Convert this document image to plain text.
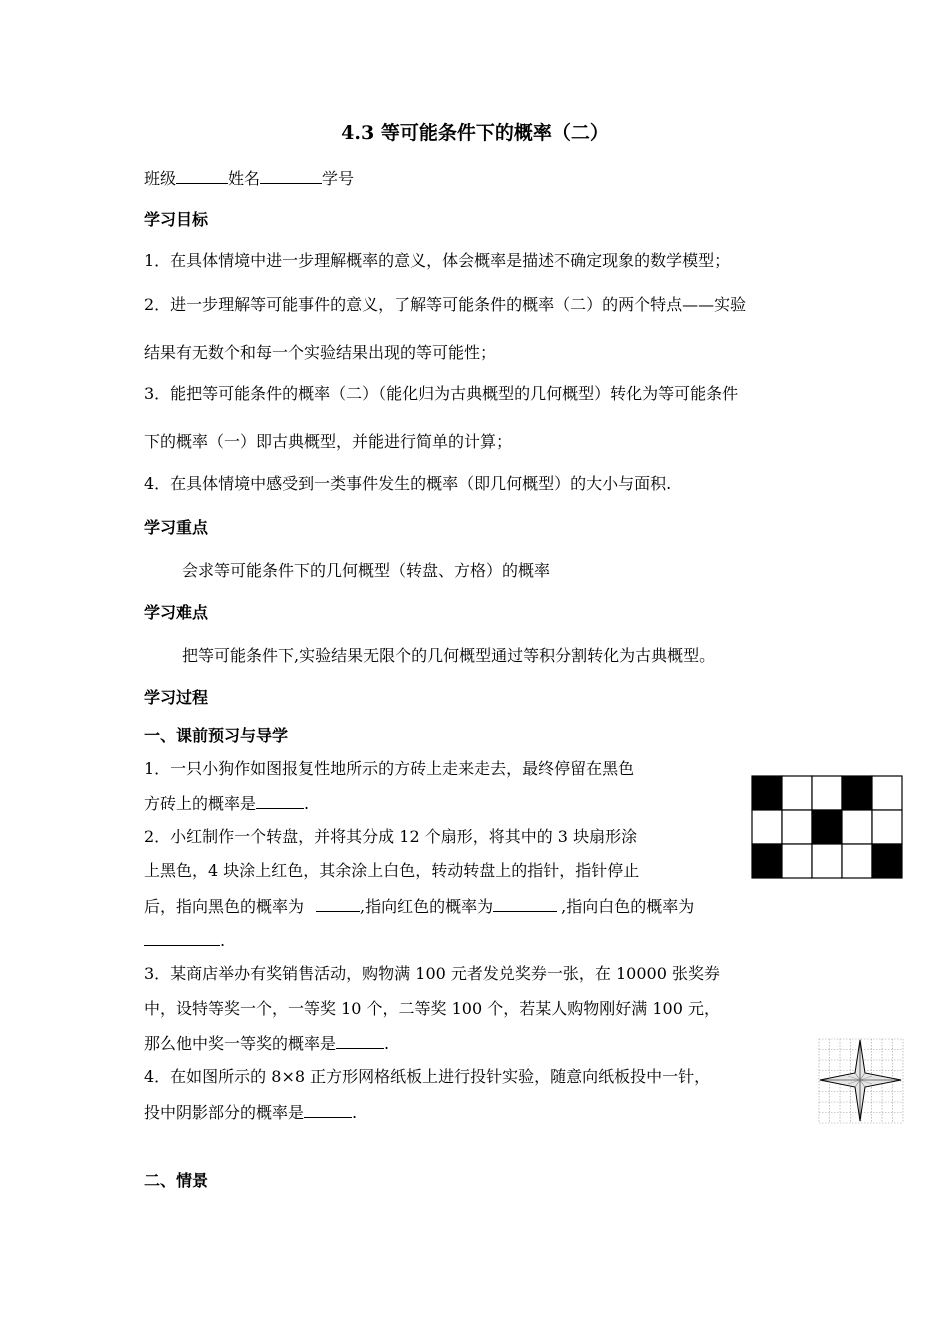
4.3 等可能条件下的概率（二）
班级	姓名	学号
学习目标
1．在具体情境中进一步理解概率的意义，体会概率是描述不确定现象的数学模型；
2．进一步理解等可能事件的意义，了解等可能条件的概率（二）的两个特点——实验
结果有无数个和每一个实验结果出现的等可能性；
3．能把等可能条件的概率（二）（能化归为古典概型的几何概型）转化为等可能条件
下的概率（一）即古典概型，并能进行简单的计算；
4．在具体情境中感受到一类事件发生的概率（即几何概型）的大小与面积.
学习重点
会求等可能条件下的几何概型（转盘、方格）的概率
学习难点
把等可能条件下,实验结果无限个的几何概型通过等积分割转化为古典概型。
学习过程
一、课前预习与导学
1．一只小狗作如图报复性地所示的方砖上走来走去，最终停留在黑色
方砖上的概率是	.
2．小红制作一个转盘，并将其分成 12 个扇形，将其中的 3 块扇形涂
上黑色，4 块涂上红色，其余涂上白色，转动转盘上的指针，指针停止
后，指向黑色的概率为	,指向红色的概率为	,指向白色的概率为
.
3．某商店举办有奖销售活动，购物满 100 元者发兑奖券一张，在 10000 张奖券
中，设特等奖一个，一等奖 10 个，二等奖 100 个，若某人购物刚好满 100 元，
那么他中奖一等奖的概率是	.
4．在如图所示的 8×8 正方形网格纸板上进行投针实验，随意向纸板投中一针，
投中阴影部分的概率是	.
二、情景
